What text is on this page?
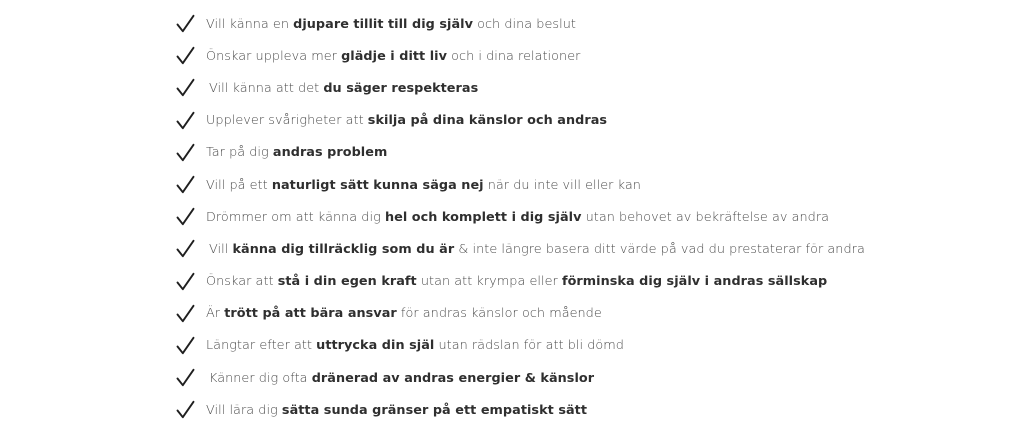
Vill känna en djupare tillit till dig själv och dina beslut
Önskar uppleva mer glädje i ditt liv och i dina relationer
Vill känna att det du säger respekteras
Upplever svårigheter att skilja på dina känslor och andras
Tar på dig andras problem
Vill på ett naturligt sätt kunna säga nej när du inte vill eller kan
Drömmer om att känna dig hel och komplett i dig själv utan behovet av bekräftelse av andra
Vill känna dig tillräcklig som du är & inte längre basera ditt värde på vad du prestaterar för andra
Önskar att stå i din egen kraft utan att krympa eller förminska dig själv i andras sällskap
Är trött på att bära ansvar för andras känslor och mående
Längtar efter att uttrycka din själ utan rädslan för att bli dömd
Känner dig ofta dränerad av andras energier & känslor
Vill lära dig sätta sunda gränser på ett empatiskt sätt
